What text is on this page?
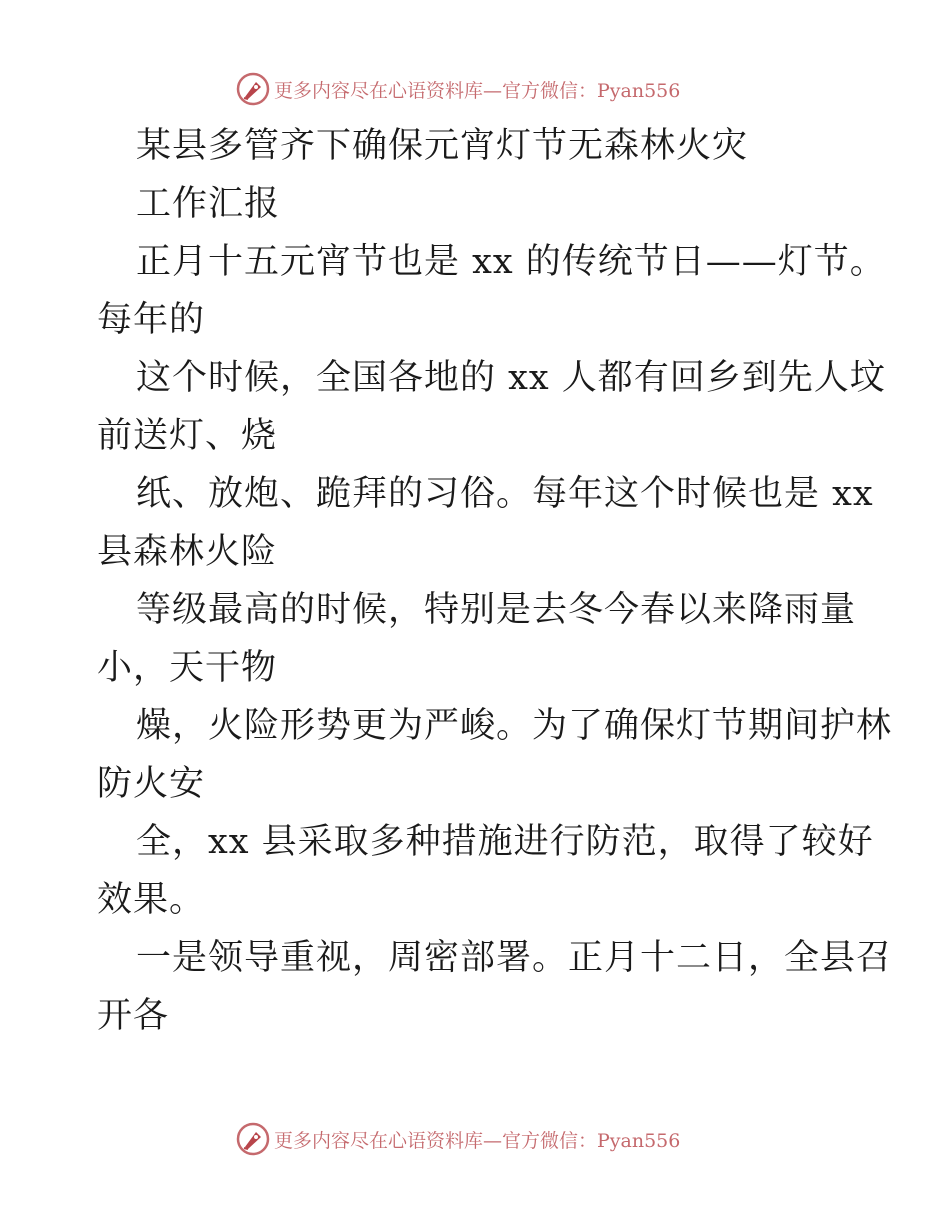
更多内容尽在心语资料库—官方微信：Pyan556
某县多管齐下确保元宵灯节无森林火灾
工作汇报
正月十五元宵节也是 xx 的传统节日——灯节。
每年的
这个时候，全国各地的 xx 人都有回乡到先人坟
前送灯、烧
纸、放炮、跪拜的习俗。每年这个时候也是 xx
县森林火险
等级最高的时候，特别是去冬今春以来降雨量
小，天干物
燥，火险形势更为严峻。为了确保灯节期间护林
防火安
全，xx 县采取多种措施进行防范，取得了较好
效果。
一是领导重视，周密部署。正月十二日，全县召
开各
更多内容尽在心语资料库—官方微信：Pyan556
